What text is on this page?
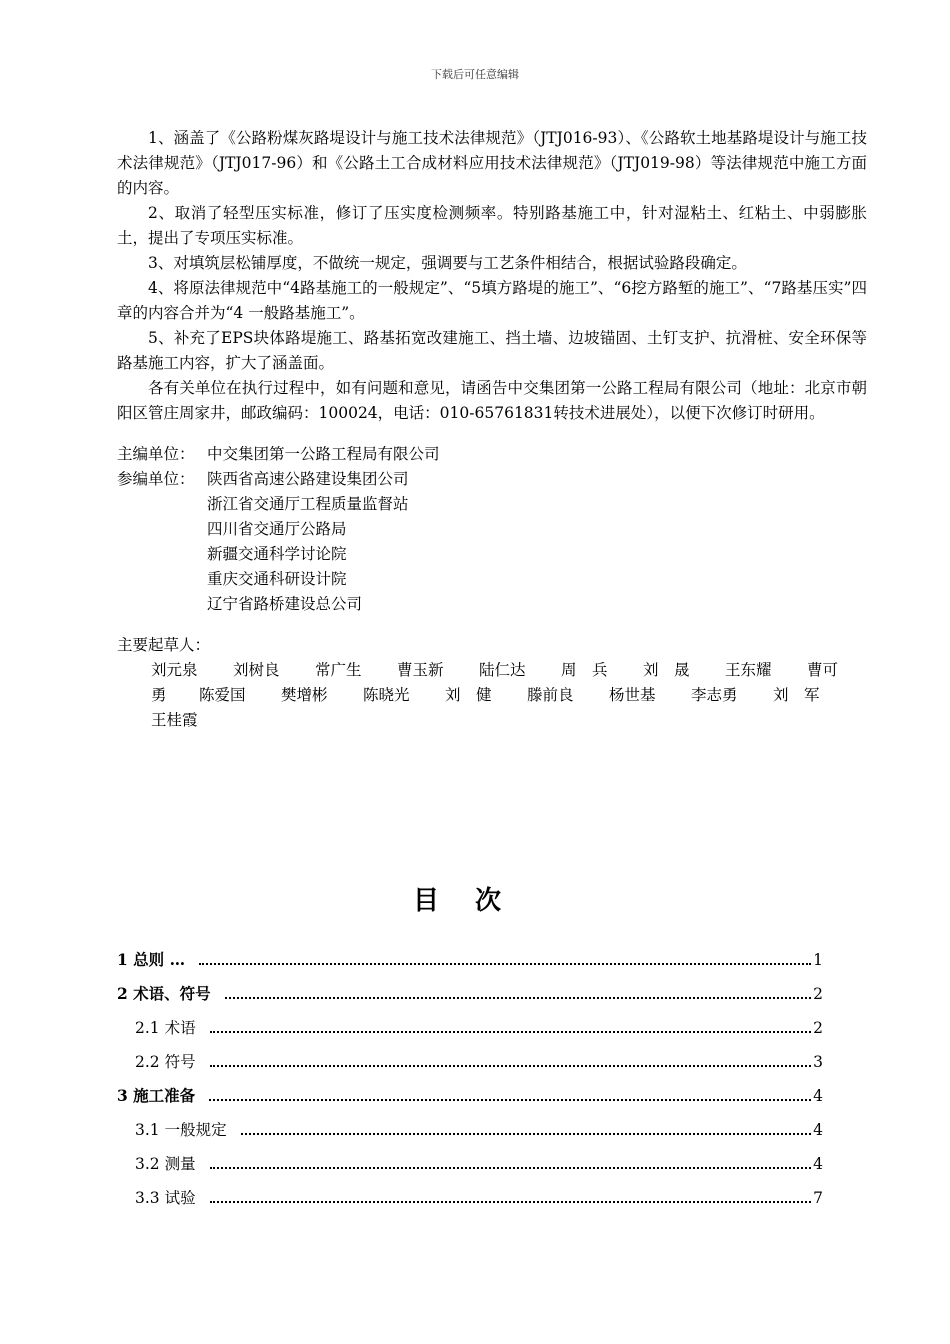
下载后可任意编辑

1、涵盖了《公路粉煤灰路堤设计与施工技术法律规范》（JTJ016-93）、《公路软土地基路堤设计与施工技术法律规范》（JTJ017-96）和《公路土工合成材料应用技术法律规范》（JTJ019-98）等法律规范中施工方面的内容。

2、取消了轻型压实标准，修订了压实度检测频率。特别路基施工中，针对湿粘土、红粘土、中弱膨胀土，提出了专项压实标准。

3、对填筑层松铺厚度，不做统一规定，强调要与工艺条件相结合，根据试验路段确定。

4、将原法律规范中“4路基施工的一般规定”、“5填方路堤的施工”、“6挖方路堑的施工”、“7路基压实”四章的内容合并为“4 一般路基施工”。

5、补充了EPS块体路堤施工、路基拓宽改建施工、挡土墙、边坡锚固、土钉支护、抗滑桩、安全环保等路基施工内容，扩大了涵盖面。

各有关单位在执行过程中，如有问题和意见，请函告中交集团第一公路工程局有限公司（地址：北京市朝阳区管庄周家井，邮政编码：100024，电话：010-65761831转技术进展处），以便下次修订时研用。

主编单位： 中交集团第一公路工程局有限公司
参编单位： 陕西省高速公路建设集团公司
浙江省交通厅工程质量监督站
四川省交通厅公路局
新疆交通科学讨论院
重庆交通科研设计院
辽宁省路桥建设总公司
主要起草人：
刘元泉	刘树良	常广生	曹玉新	陆仁达	周　兵	刘　晟	王东耀	曹可
勇	陈爱国	樊增彬	陈晓光	刘　健	滕前良	杨世基	李志勇	刘　军
王桂霞
目次
1 总则 …	1
2 术语、符号	2
2.1 术语	2
2.2 符号	3
3 施工准备	4
3.1 一般规定	4
3.2 测量	4
3.3 试验	7
